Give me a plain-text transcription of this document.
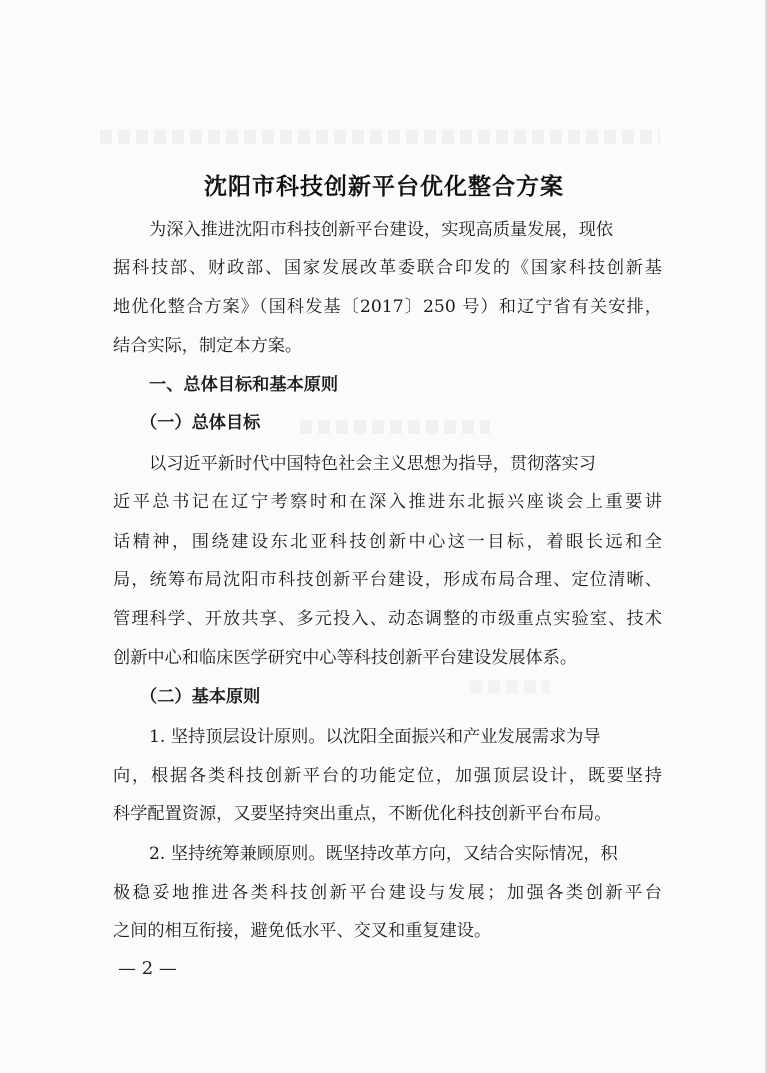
沈阳市科技创新平台优化整合方案
为深入推进沈阳市科技创新平台建设，实现高质量发展，现依
据科技部、财政部、国家发展改革委联合印发的《国家科技创新基
地优化整合方案》（国科发基〔2017〕250 号）和辽宁省有关安排，
结合实际，制定本方案。
一、总体目标和基本原则
（一）总体目标
以习近平新时代中国特色社会主义思想为指导，贯彻落实习
近平总书记在辽宁考察时和在深入推进东北振兴座谈会上重要讲
话精神，围绕建设东北亚科技创新中心这一目标，着眼长远和全
局，统筹布局沈阳市科技创新平台建设，形成布局合理、定位清晰、
管理科学、开放共享、多元投入、动态调整的市级重点实验室、技术
创新中心和临床医学研究中心等科技创新平台建设发展体系。
（二）基本原则
1. 坚持顶层设计原则。以沈阳全面振兴和产业发展需求为导
向，根据各类科技创新平台的功能定位，加强顶层设计，既要坚持
科学配置资源，又要坚持突出重点，不断优化科技创新平台布局。
2. 坚持统筹兼顾原则。既坚持改革方向，又结合实际情况，积
极稳妥地推进各类科技创新平台建设与发展；加强各类创新平台
之间的相互衔接，避免低水平、交叉和重复建设。
— 2 —
